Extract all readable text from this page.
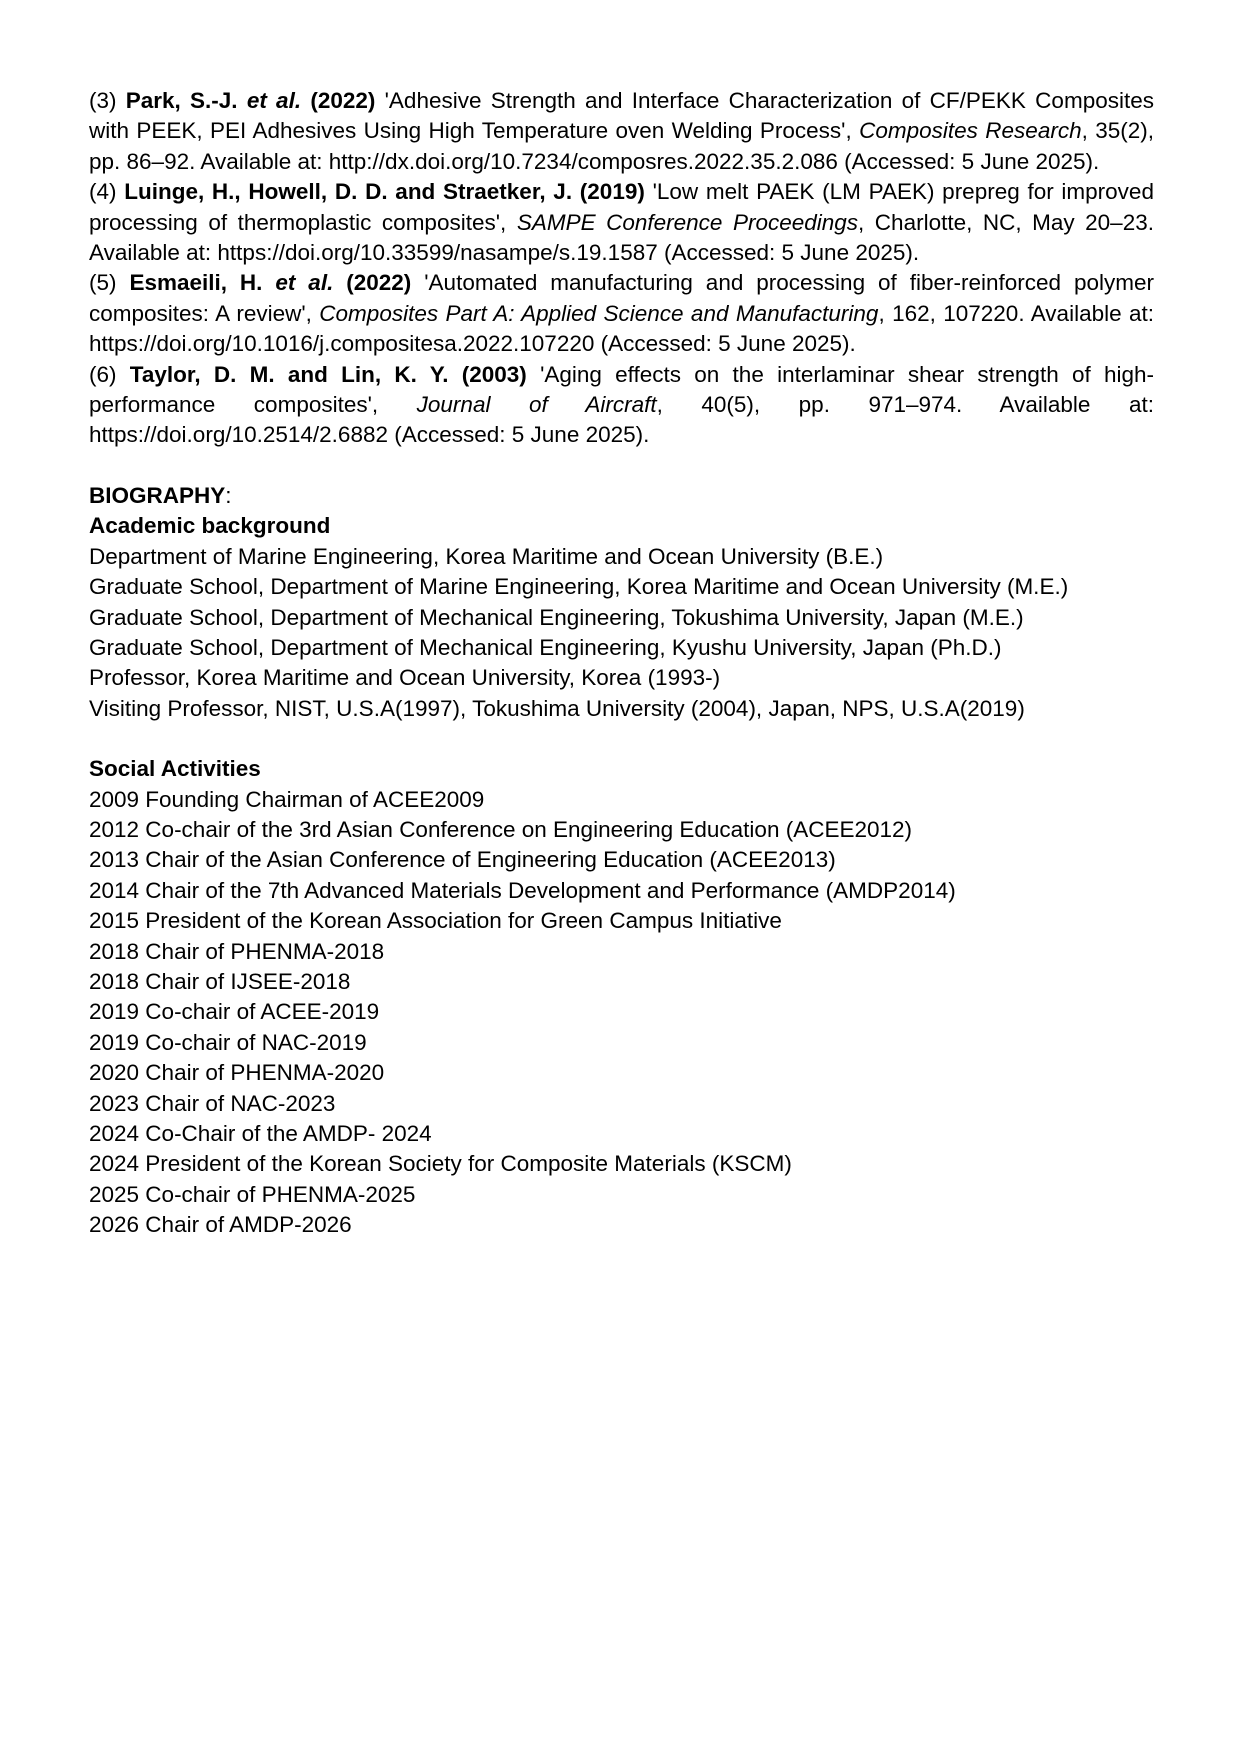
(3) Park, S.-J. et al. (2022) 'Adhesive Strength and Interface Characterization of CF/PEKK Composites with PEEK, PEI Adhesives Using High Temperature oven Welding Process', Composites Research, 35(2), pp. 86–92. Available at: http://dx.doi.org/10.7234/composres.2022.35.2.086 (Accessed: 5 June 2025).
(4) Luinge, H., Howell, D. D. and Straetker, J. (2019) 'Low melt PAEK (LM PAEK) prepreg for improved processing of thermoplastic composites', SAMPE Conference Proceedings, Charlotte, NC, May 20–23. Available at: https://doi.org/10.33599/nasampe/s.19.1587 (Accessed: 5 June 2025).
(5) Esmaeili, H. et al. (2022) 'Automated manufacturing and processing of fiber-reinforced polymer composites: A review', Composites Part A: Applied Science and Manufacturing, 162, 107220. Available at: https://doi.org/10.1016/j.compositesa.2022.107220 (Accessed: 5 June 2025).
(6) Taylor, D. M. and Lin, K. Y. (2003) 'Aging effects on the interlaminar shear strength of high-performance composites', Journal of Aircraft, 40(5), pp. 971–974. Available at: https://doi.org/10.2514/2.6882 (Accessed: 5 June 2025).
BIOGRAPHY:
Academic background
Department of Marine Engineering, Korea Maritime and Ocean University (B.E.)
Graduate School, Department of Marine Engineering, Korea Maritime and Ocean University (M.E.)
Graduate School, Department of Mechanical Engineering, Tokushima University, Japan (M.E.)
Graduate School, Department of Mechanical Engineering, Kyushu University, Japan (Ph.D.)
Professor, Korea Maritime and Ocean University, Korea (1993-)
Visiting Professor, NIST, U.S.A(1997), Tokushima University (2004), Japan, NPS, U.S.A(2019)
Social Activities
2009 Founding Chairman of ACEE2009
2012 Co-chair of the 3rd Asian Conference on Engineering Education (ACEE2012)
2013 Chair of the Asian Conference of Engineering Education (ACEE2013)
2014 Chair of the 7th Advanced Materials Development and Performance (AMDP2014)
2015 President of the Korean Association for Green Campus Initiative
2018 Chair of PHENMA-2018
2018 Chair of IJSEE-2018
2019 Co-chair of ACEE-2019
2019 Co-chair of NAC-2019
2020 Chair of PHENMA-2020
2023 Chair of NAC-2023
2024 Co-Chair of the AMDP- 2024
2024 President of the Korean Society for Composite Materials (KSCM)
2025 Co-chair of PHENMA-2025
2026 Chair of AMDP-2026
